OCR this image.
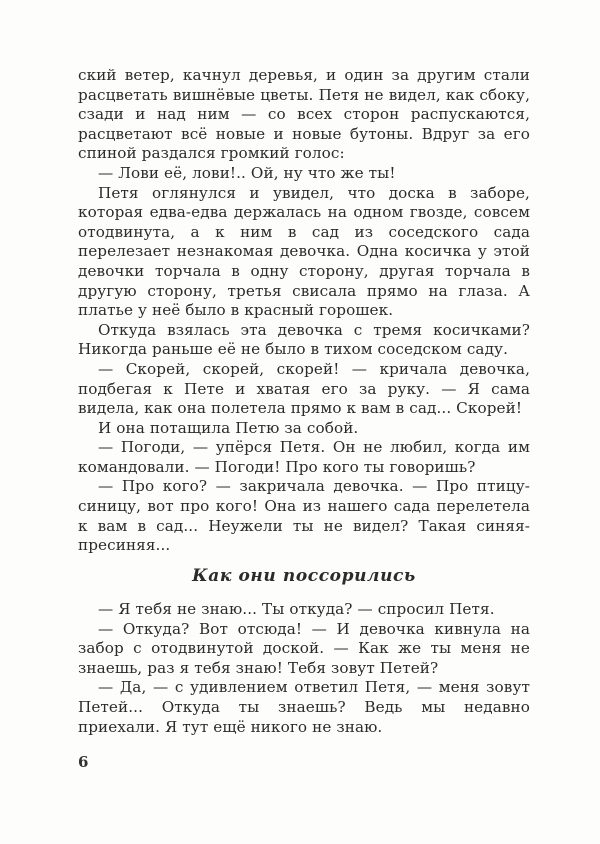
ский ветер, качнул деревья, и один за другим стали расцветать вишнёвые цветы. Петя не видел, как сбоку, сзади и над ним — со всех сторон распускаются, расцветают всё новые и новые бутоны. Вдруг за его спиной раздался громкий голос:

— Лови её, лови!.. Ой, ну что же ты!

Петя оглянулся и увидел, что доска в заборе, которая едва-едва держалась на одном гвозде, совсем отодвинута, а к ним в сад из соседского сада перелезает незнакомая девочка. Одна косичка у этой девочки торчала в одну сторону, другая торчала в другую сторону, третья свисала прямо на глаза. А платье у неё было в красный горошек.

Откуда взялась эта девочка с тремя косичками? Никогда раньше её не было в тихом соседском саду.

— Скорей, скорей, скорей! — кричала девочка, подбегая к Пете и хватая его за руку. — Я сама видела, как она полетела прямо к вам в сад... Скорей!

И она потащила Петю за собой.

— Погоди, — упёрся Петя. Он не любил, когда им командовали. — Погоди! Про кого ты говоришь?

— Про кого? — закричала девочка. — Про птицу-синицу, вот про кого! Она из нашего сада перелетела к вам в сад... Неужели ты не видел? Такая синяя-пресиняя...

Как они поссорились

— Я тебя не знаю... Ты откуда? — спросил Петя.

— Откуда? Вот отсюда! — И девочка кивнула на забор с отодвинутой доской. — Как же ты меня не знаешь, раз я тебя знаю! Тебя зовут Петей?

— Да, — с удивлением ответил Петя, — меня зовут Петей... Откуда ты знаешь? Ведь мы недавно приехали. Я тут ещё никого не знаю.

6
